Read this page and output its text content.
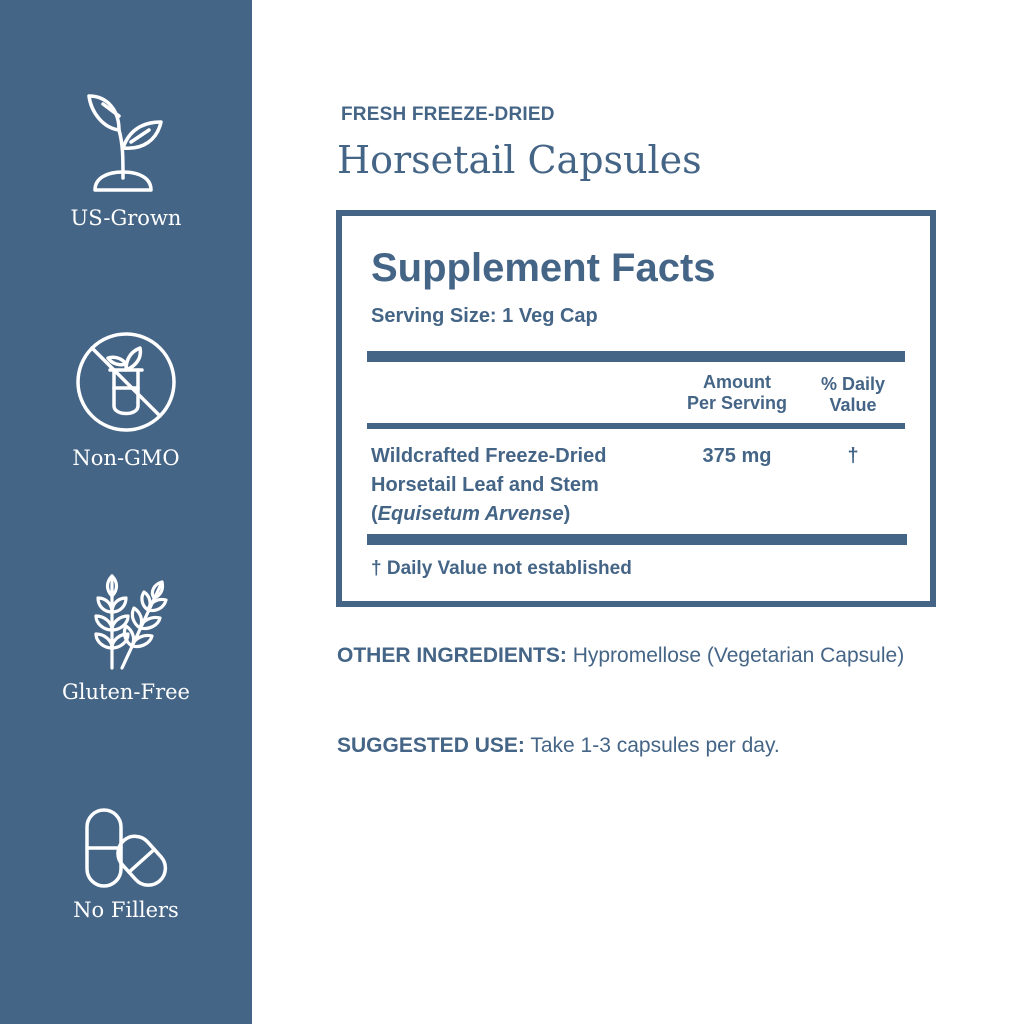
US-Grown
Non-GMO
Gluten-Free
No Fillers
FRESH FREEZE-DRIED
Horsetail Capsules
Supplement Facts
Serving Size: 1 Veg Cap
Amount
Per Serving
% Daily
Value
Wildcrafted Freeze-Dried
Horsetail Leaf and Stem
(Equisetum Arvense)
375 mg	†
† Daily Value not established
OTHER INGREDIENTS: Hypromellose (Vegetarian Capsule)
SUGGESTED USE: Take 1-3 capsules per day.
